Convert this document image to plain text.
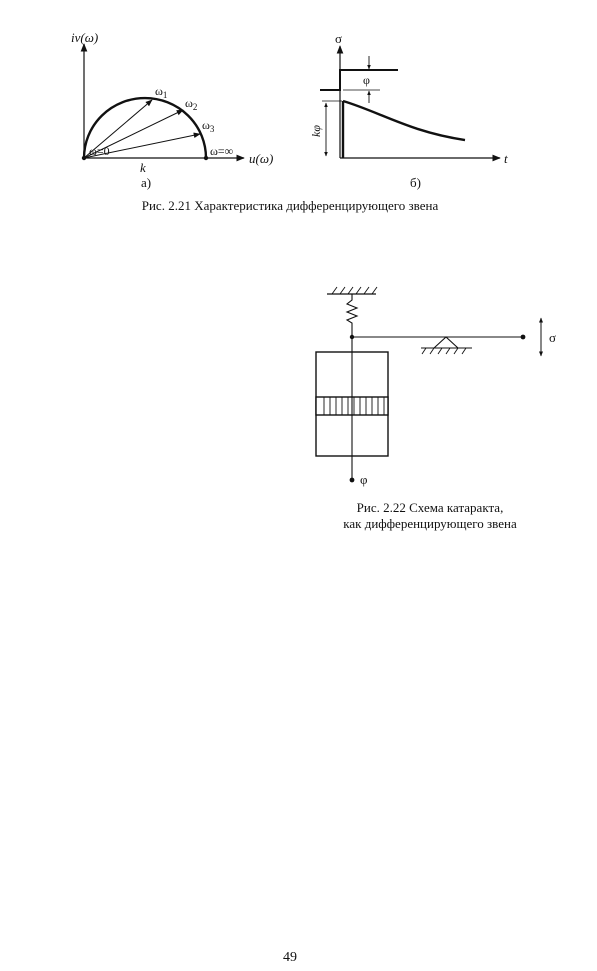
iv(ω)
u(ω)
$\omega_1$
$\omega_2$
$\omega_3$
ω=0	ω=∞
k
а)
σ
t
φ
kφ
б)
σ
φ
Рис. 2.21 Характеристика дифференцирующего звена
Рис. 2.22 Схема катаракта,
как дифференцирующего звена
49
